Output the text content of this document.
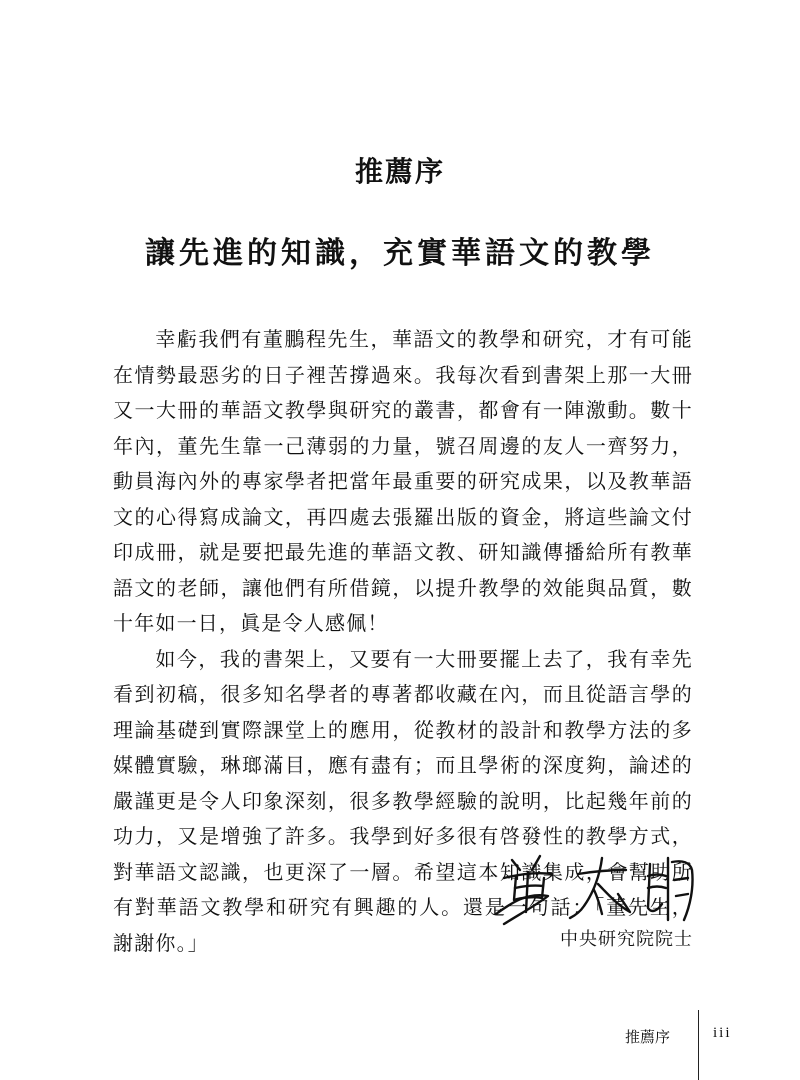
推薦序
讓先進的知識，充實華語文的教學

幸虧我們有董鵬程先生，華語文的教學和研究，才有可能在情勢最惡劣的日子裡苦撐過來。我每次看到書架上那一大冊又一大冊的華語文教學與研究的叢書，都會有一陣激動。數十年內，董先生靠一己薄弱的力量，號召周邊的友人一齊努力，動員海內外的專家學者把當年最重要的研究成果，以及教華語文的心得寫成論文，再四處去張羅出版的資金，將這些論文付印成冊，就是要把最先進的華語文教、研知識傳播給所有教華語文的老師，讓他們有所借鏡，以提升教學的效能與品質，數十年如一日，眞是令人感佩！

如今，我的書架上，又要有一大冊要擺上去了，我有幸先看到初稿，很多知名學者的專著都收藏在內，而且從語言學的理論基礎到實際課堂上的應用，從教材的設計和教學方法的多媒體實驗，琳瑯滿目，應有盡有；而且學術的深度夠，論述的嚴謹更是令人印象深刻，很多教學經驗的說明，比起幾年前的功力，又是增強了許多。我學到好多很有啓發性的教學方式，對華語文認識，也更深了一層。希望這本知識集成，會幫助所有對華語文教學和研究有興趣的人。還是一句話：「董先生，謝謝你。」	中央研究院院士
推薦序	iii
